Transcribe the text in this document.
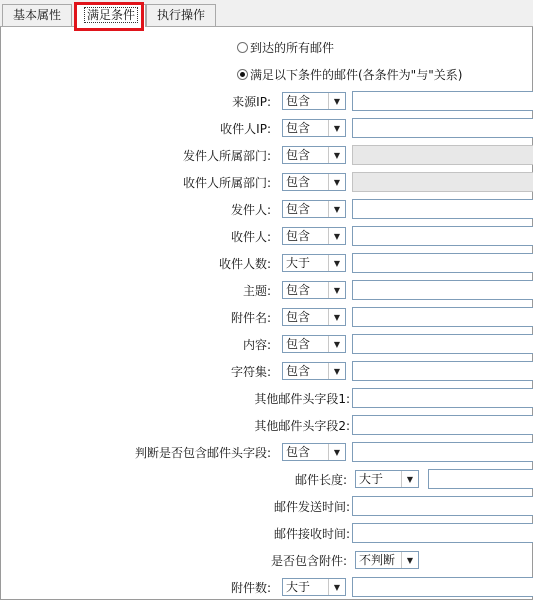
基本属性	满足条件	执行操作
到达的所有邮件
满足以下条件的邮件(各条件为"与"关系)
来源IP: 包含	▼
收件人IP: 包含	▼
发件人所属部门: 包含	▼
收件人所属部门: 包含	▼
发件人: 包含	▼
收件人: 包含	▼
收件人数: 大于	▼
主题: 包含	▼
附件名: 包含	▼
内容: 包含	▼
字符集: 包含	▼
其他邮件头字段1:
其他邮件头字段2:
判断是否包含邮件头字段: 包含	▼
邮件长度: 大于	▼
邮件发送时间:
邮件接收时间:
是否包含附件: 不判断	▼
附件数: 大于	▼
